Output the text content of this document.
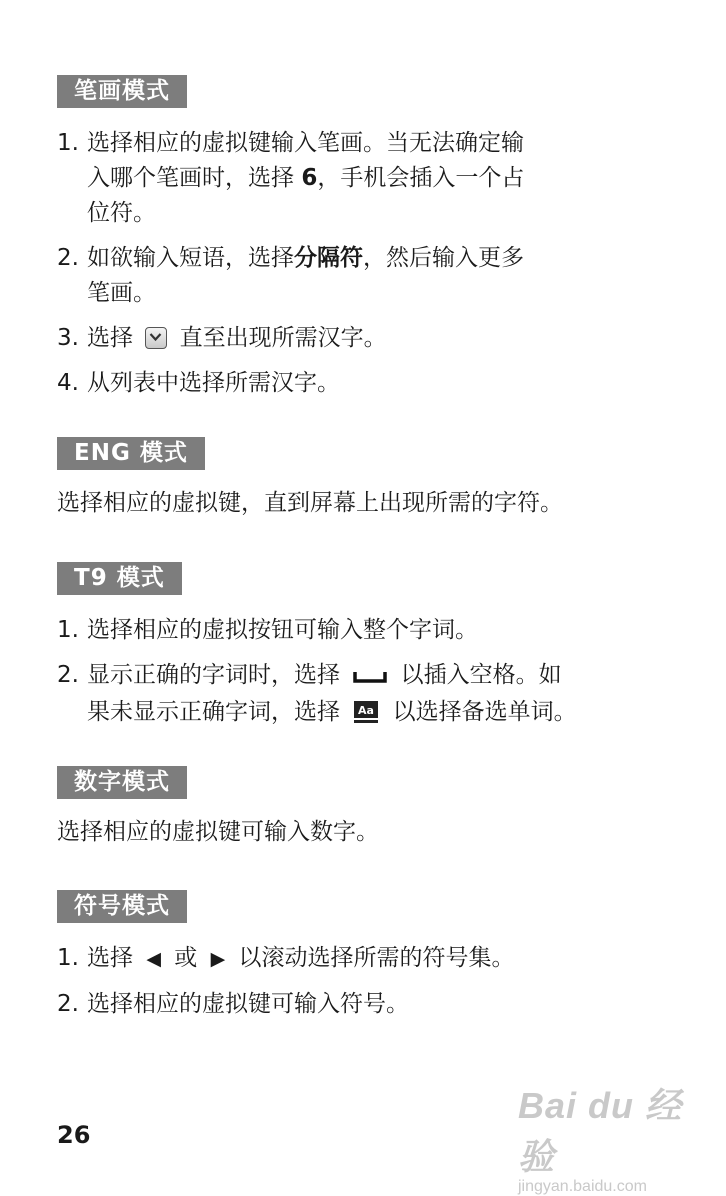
笔画模式
1. 选择相应的虚拟键输入笔画。当无法确定输
入哪个笔画时，选择 6，手机会插入一个占
位符。
2. 如欲输入短语，选择分隔符，然后输入更多
笔画。
3. 选择
直至出现所需汉字。
4. 从列表中选择所需汉字。
ENG 模式

选择相应的虚拟键，直到屏幕上出现所需的字符。

T9 模式
1. 选择相应的虚拟按钮可输入整个字词。
2. 显示正确的字词时，选择  以插入空格。如
果未显示正确字词，选择 Aa 以选择备选单词。
数字模式

选择相应的虚拟键可输入数字。

符号模式
1. 选择 ◀ 或 ▶ 以滚动选择所需的符号集。
2. 选择相应的虚拟键可输入符号。
26
Bai du 经验
jingyan.baidu.com
